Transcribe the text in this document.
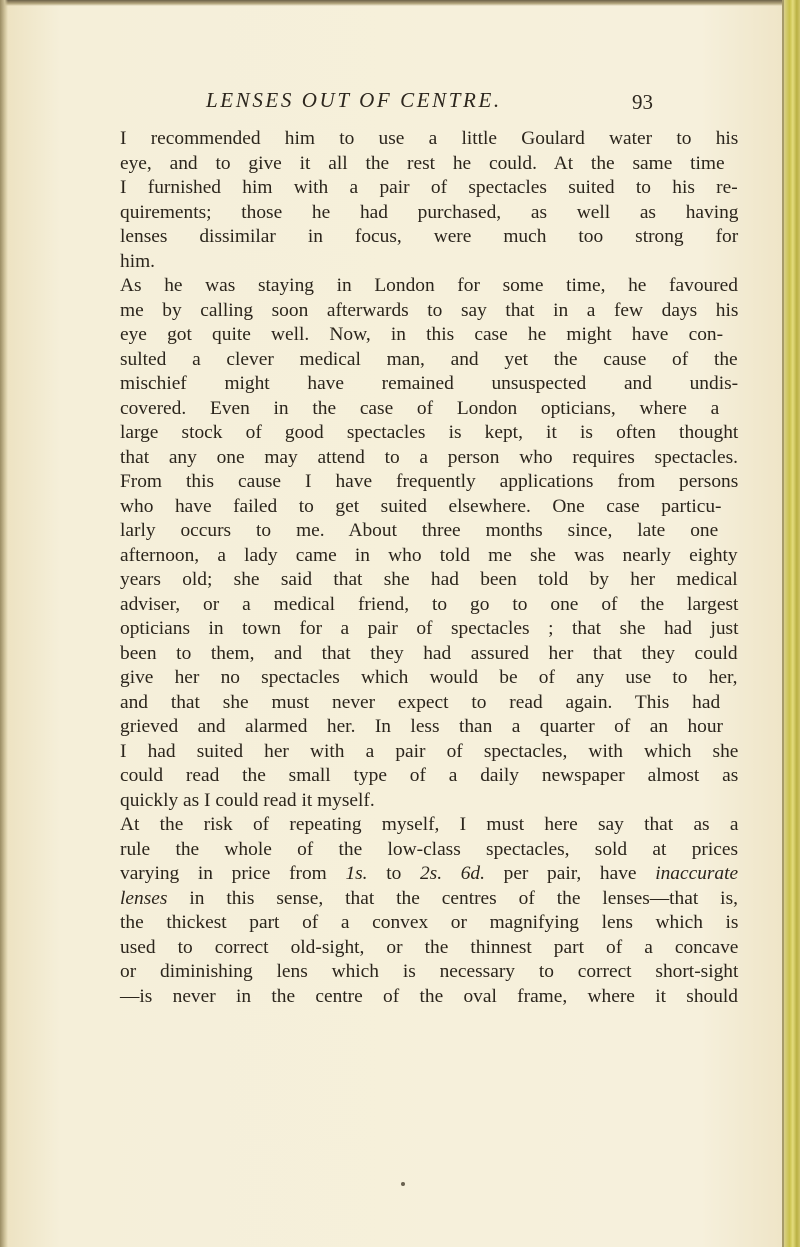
LENSES OUT OF CENTRE.	93
I recommended him to use a little Goulard water to his
eye, and to give it all the rest he could. At the same time
I furnished him with a pair of spectacles suited to his re-
quirements; those he had purchased, as well as having
lenses dissimilar in focus, were much too strong for
him.
As he was staying in London for some time, he favoured
me by calling soon afterwards to say that in a few days his
eye got quite well. Now, in this case he might have con-
sulted a clever medical man, and yet the cause of the
mischief might have remained unsuspected and undis-
covered. Even in the case of London opticians, where a
large stock of good spectacles is kept, it is often thought
that any one may attend to a person who requires spectacles.
From this cause I have frequently applications from persons
who have failed to get suited elsewhere. One case particu-
larly occurs to me. About three months since, late one
afternoon, a lady came in who told me she was nearly eighty
years old; she said that she had been told by her medical
adviser, or a medical friend, to go to one of the largest
opticians in town for a pair of spectacles ; that she had just
been to them, and that they had assured her that they could
give her no spectacles which would be of any use to her,
and that she must never expect to read again. This had
grieved and alarmed her. In less than a quarter of an hour
I had suited her with a pair of spectacles, with which she
could read the small type of a daily newspaper almost as
quickly as I could read it myself.
At the risk of repeating myself, I must here say that as a
rule the whole of the low-class spectacles, sold at prices
varying in price from 1s. to 2s. 6d. per pair, have inaccurate
lenses in this sense, that the centres of the lenses—that is,
the thickest part of a convex or magnifying lens which is
used to correct old-sight, or the thinnest part of a concave
or diminishing lens which is necessary to correct short-sight
—is never in the centre of the oval frame, where it should
